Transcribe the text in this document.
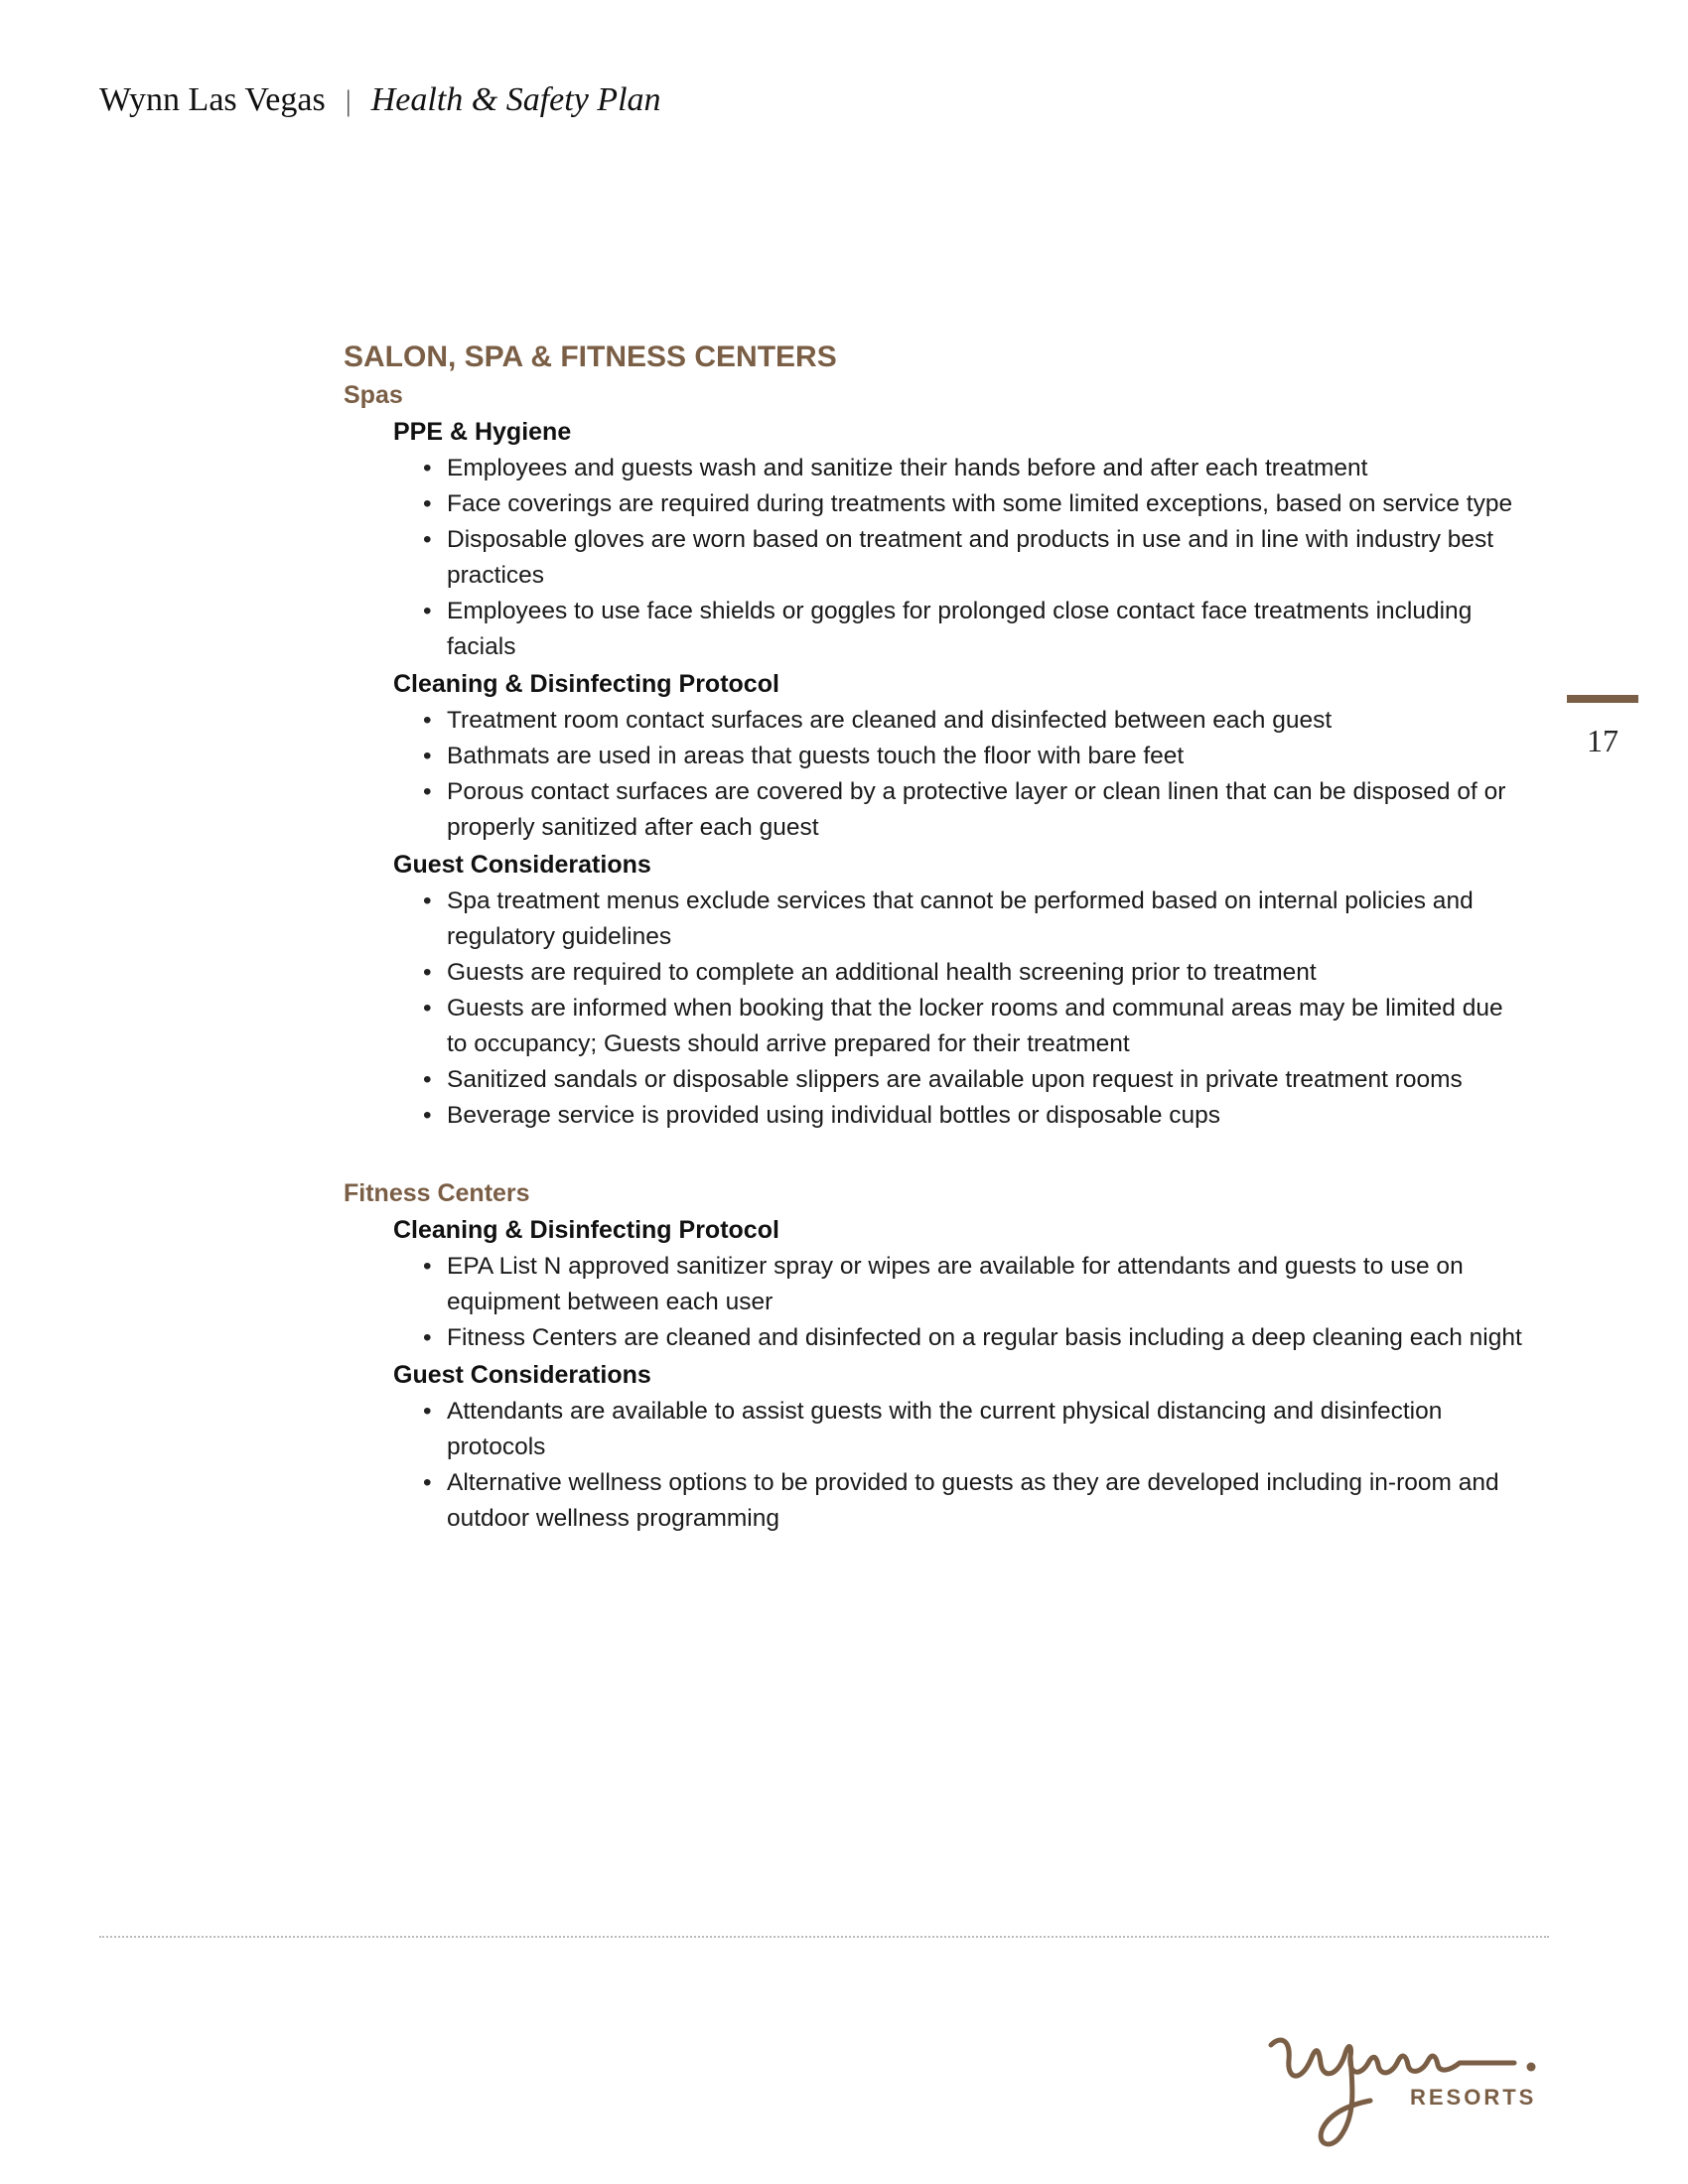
Wynn Las Vegas | Health & Safety Plan
17
SALON, SPA & FITNESS CENTERS
Spas
PPE & Hygiene
• Employees and guests wash and sanitize their hands before and after each treatment
• Face coverings are required during treatments with some limited exceptions, based on service type
• Disposable gloves are worn based on treatment and products in use and in line with industry best practices
• Employees to use face shields or goggles for prolonged close contact face treatments including facials
Cleaning & Disinfecting Protocol
• Treatment room contact surfaces are cleaned and disinfected between each guest
• Bathmats are used in areas that guests touch the floor with bare feet
• Porous contact surfaces are covered by a protective layer or clean linen that can be disposed of or properly sanitized after each guest
Guest Considerations
• Spa treatment menus exclude services that cannot be performed based on internal policies and regulatory guidelines
• Guests are required to complete an additional health screening prior to treatment
• Guests are informed when booking that the locker rooms and communal areas may be limited due to occupancy; Guests should arrive prepared for their treatment
• Sanitized sandals or disposable slippers are available upon request in private treatment rooms
• Beverage service is provided using individual bottles or disposable cups
Fitness Centers
Cleaning & Disinfecting Protocol
• EPA List N approved sanitizer spray or wipes are available for attendants and guests to use on equipment between each user
• Fitness Centers are cleaned and disinfected on a regular basis including a deep cleaning each night
Guest Considerations
• Attendants are available to assist guests with the current physical distancing and disinfection protocols
• Alternative wellness options to be provided to guests as they are developed including in-room and outdoor wellness programming
Wynn
RESORTS
